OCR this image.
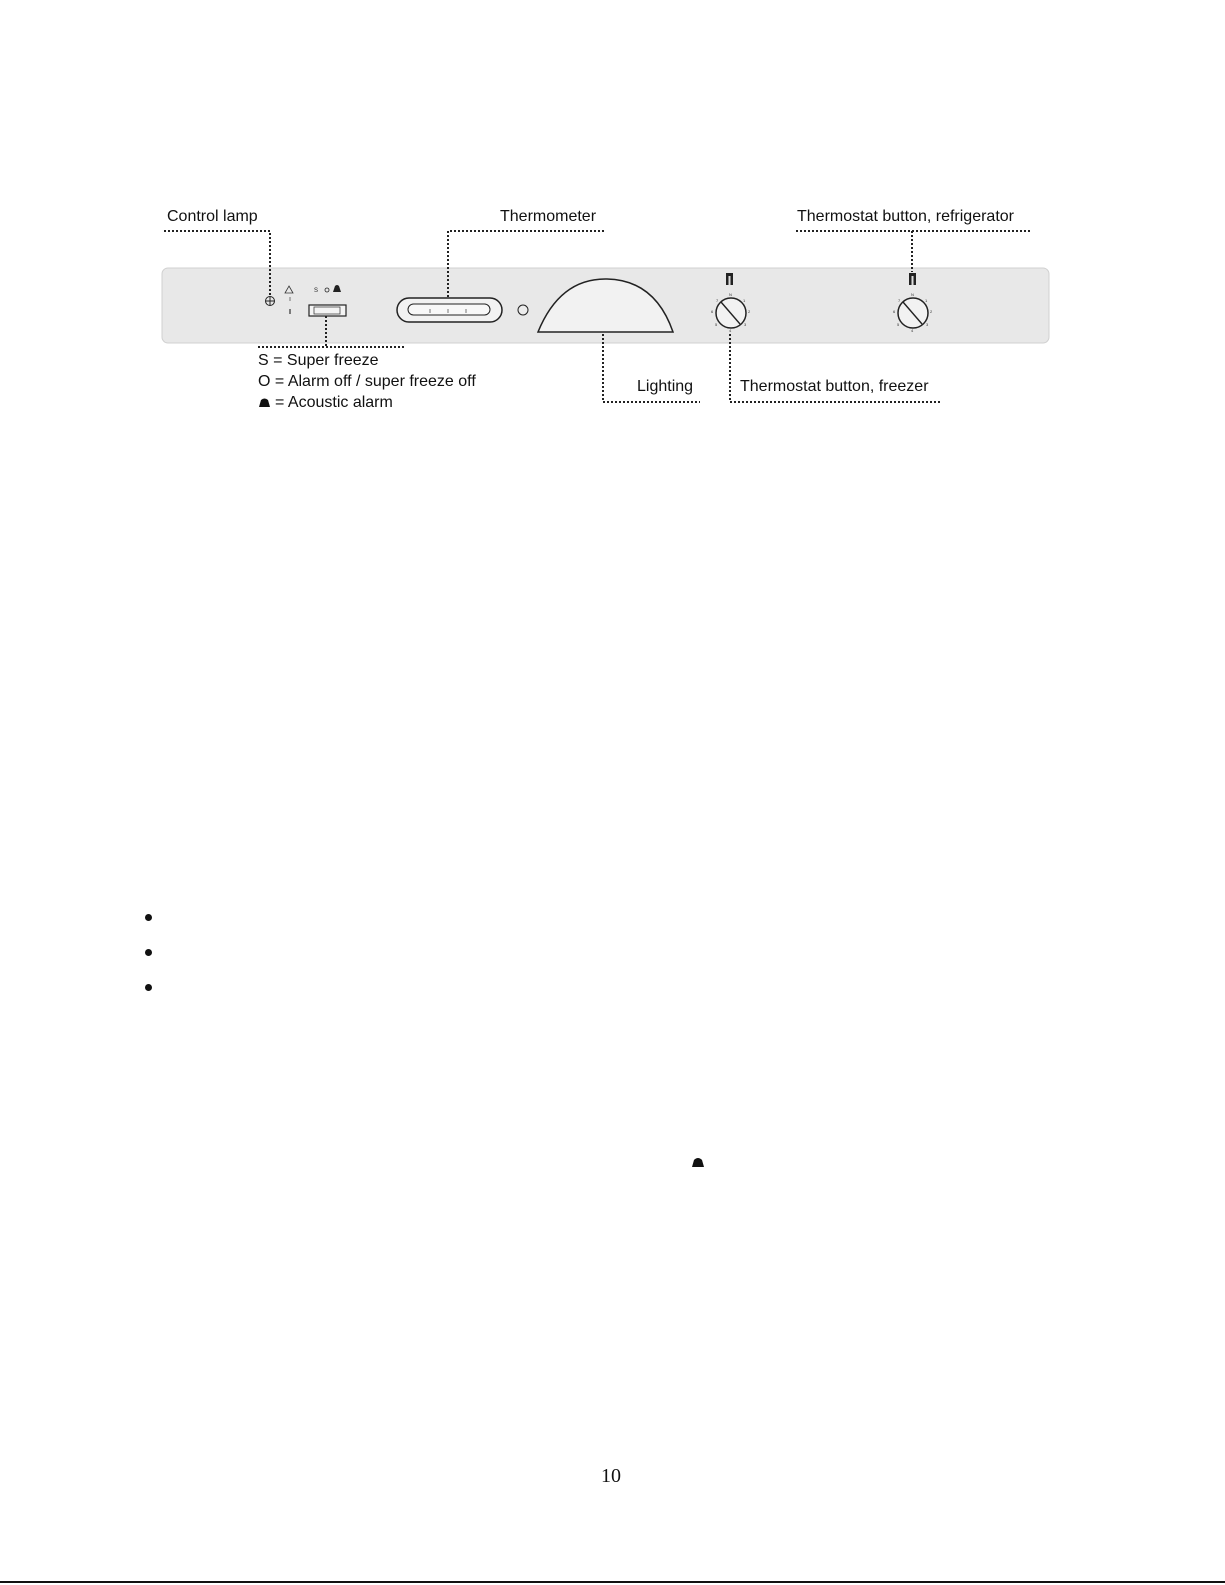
S
N
7	1
6	2
5	3
4
N
7	1
6	2
5	3
4
Control lamp	Thermometer	Thermostat button, refrigerator
Lighting	Thermostat button, freezer
S = Super freeze
O = Alarm off / super freeze off
= Acoustic alarm
10
